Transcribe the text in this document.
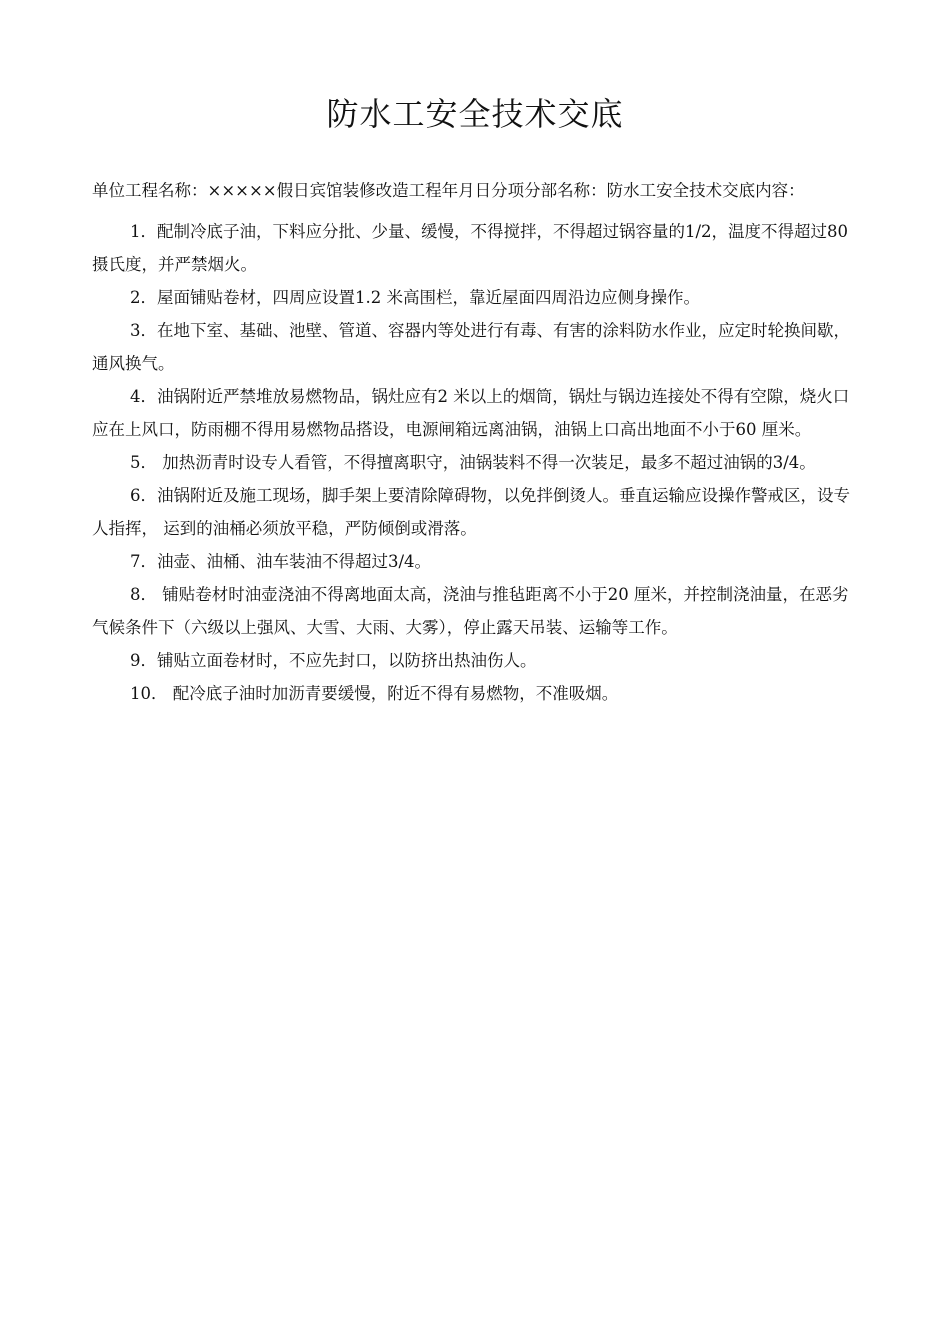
防水工安全技术交底

单位工程名称：×××××假日宾馆装修改造工程年月日分项分部名称：防水工安全技术交底内容：

1．配制冷底子油，下料应分批、少量、缓慢，不得搅拌，不得超过锅容量的1/2，温度不得超过80 摄氏度，并严禁烟火。

2．屋面铺贴卷材，四周应设置1.2 米高围栏，靠近屋面四周沿边应侧身操作。

3．在地下室、基础、池壁、管道、容器内等处进行有毒、有害的涂料防水作业，应定时轮换间歇，通风换气。

4．油锅附近严禁堆放易燃物品，锅灶应有2 米以上的烟筒，锅灶与锅边连接处不得有空隙，烧火口应在上风口，防雨棚不得用易燃物品搭设，电源闸箱远离油锅，油锅上口高出地面不小于60 厘米。

5． 加热沥青时设专人看管，不得擅离职守，油锅装料不得一次装足，最多不超过油锅的3/4。

6．油锅附近及施工现场，脚手架上要清除障碍物，以免拌倒烫人。垂直运输应设操作警戒区，设专人指挥， 运到的油桶必须放平稳，严防倾倒或滑落。

7．油壶、油桶、油车装油不得超过3/4。

8． 铺贴卷材时油壶浇油不得离地面太高，浇油与推毡距离不小于20 厘米，并控制浇油量，在恶劣气候条件下（六级以上强风、大雪、大雨、大雾），停止露天吊装、运输等工作。

9．铺贴立面卷材时，不应先封口，以防挤出热油伤人。

10． 配冷底子油时加沥青要缓慢，附近不得有易燃物，不准吸烟。
